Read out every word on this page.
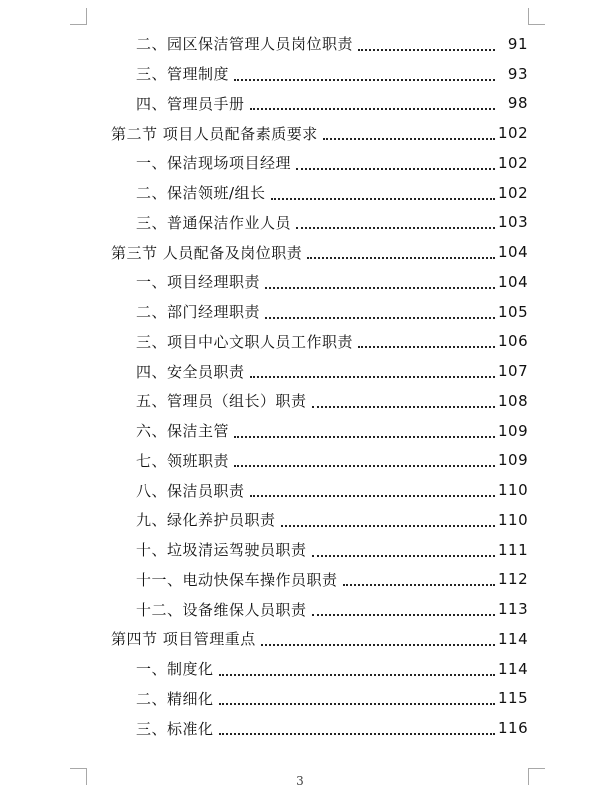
二、园区保洁管理人员岗位职责	91
三、管理制度	93
四、管理员手册	98
第二节 项目人员配备素质要求	102
一、保洁现场项目经理	102
二、保洁领班/组长	102
三、普通保洁作业人员	103
第三节 人员配备及岗位职责	104
一、项目经理职责	104
二、部门经理职责	105
三、项目中心文职人员工作职责	106
四、安全员职责	107
五、管理员（组长）职责	108
六、保洁主管	109
七、领班职责	109
八、保洁员职责	110
九、绿化养护员职责	110
十、垃圾清运驾驶员职责	111
十一、电动快保车操作员职责	112
十二、设备维保人员职责	113
第四节 项目管理重点	114
一、制度化	114
二、精细化	115
三、标准化	116
3
